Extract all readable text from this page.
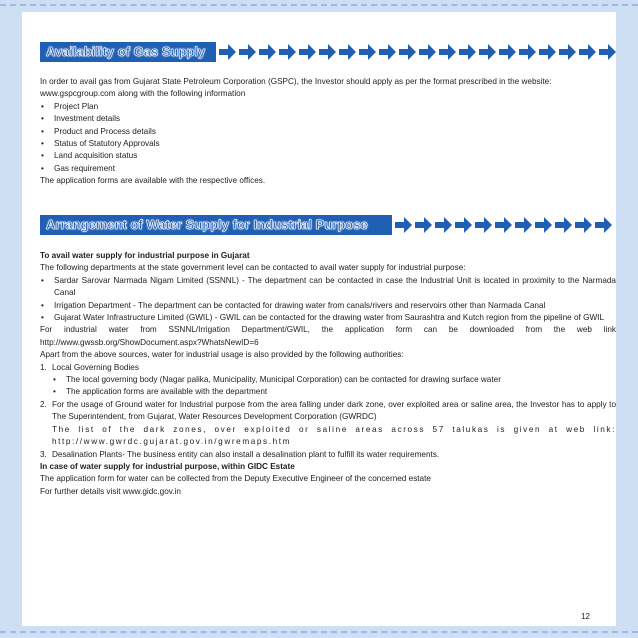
Availability of Gas Supply

In order to avail gas from Gujarat State Petroleum Corporation (GSPC), the Investor should apply as per the format prescribed in the website: www.gspcgroup.com along with the following information

• Project Plan
• Investment details
• Product and Process details
• Status of Statutory Approvals
• Land acquisition status
• Gas requirement

The application forms are available with the respective offices.

Arrangement of Water Supply for Industrial Purpose

To avail water supply for industrial purpose in Gujarat

The following departments at the state government level can be contacted to avail water supply for industrial purpose:

• Sardar Sarovar Narmada Nigam Limited (SSNNL) - The department can be contacted in case the Industrial Unit is located in proximity to the Narmada Canal
• Irrigation Department - The department can be contacted for drawing water from canals/rivers and reservoirs other than Narmada Canal
• Gujarat Water Infrastructure Limited (GWIL) - GWIL can be contacted for the drawing water from Saurashtra and Kutch region from the pipeline of GWIL

For industrial water from SSNNL/Irrigation Department/GWIL, the application form can be downloaded from the web link http://www.gwssb.org/ShowDocument.aspx?WhatsNewID=6

Apart from the above sources, water for industrial usage is also provided by the following authorities:

1. Local Governing Bodies
• The local governing body (Nagar palika, Municipality, Municipal Corporation) can be contacted for drawing surface water
• The application forms are available with the department
2. For the usage of Ground water for Industrial purpose from the area falling under dark zone, over exploited area or saline area, the Investor has to apply to The Superintendent, from Gujarat, Water Resources Development Corporation (GWRDC)
The list of the dark zones, over exploited or saline areas across 57 talukas is given at web link: http://www.gwrdc.gujarat.gov.in/gwremaps.htm
3. Desalination Plants- The business entity can also install a desalination plant to fulfill its water requirements.

In case of water supply for industrial purpose, within GIDC Estate

The application form for water can be collected from the Deputy Executive Engineer of the concerned estate

For further details visit www.gidc.gov.in

12
